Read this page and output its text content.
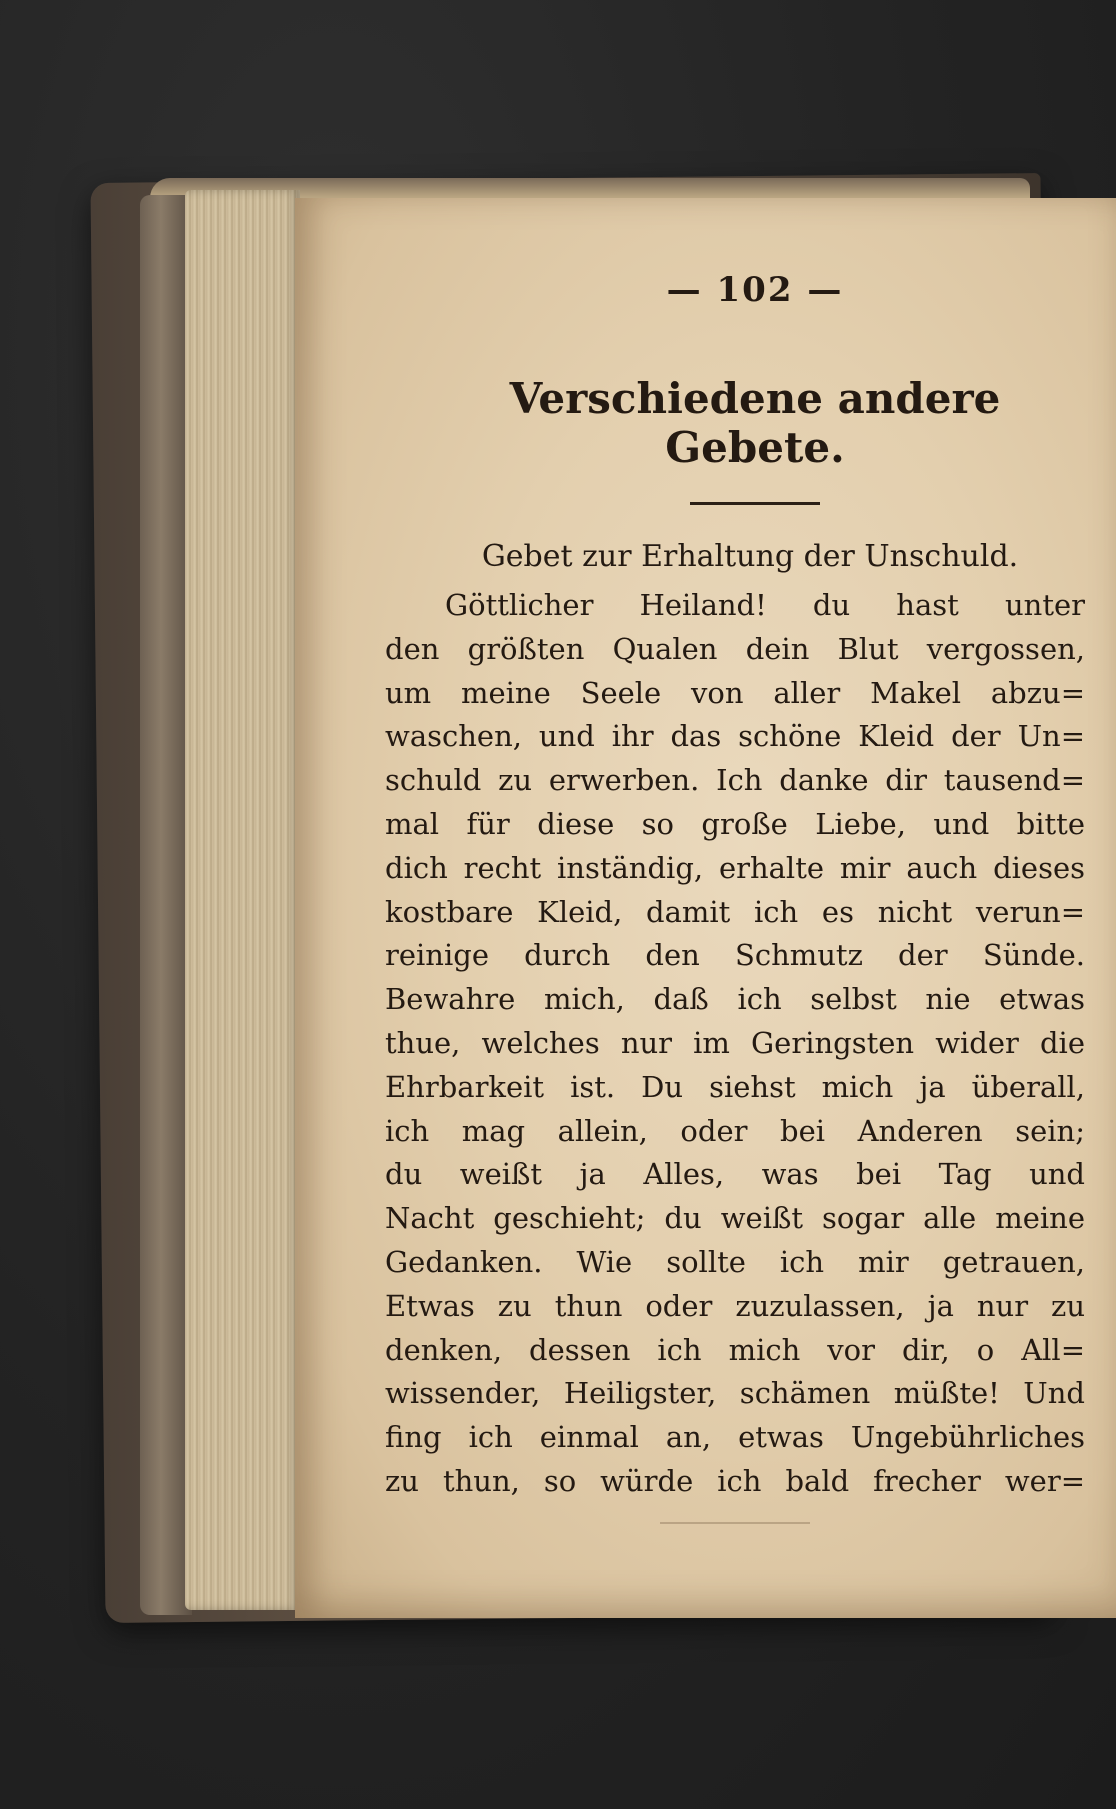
— 102 —
Verschiedene andere Gebete.
Gebet zur Erhaltung der Unschuld.
Göttlicher Heiland! du hast unter
den größten Qualen dein Blut vergossen,
um meine Seele von aller Makel abzu=
waschen, und ihr das schöne Kleid der Un=
schuld zu erwerben. Ich danke dir tausend=
mal für diese so große Liebe, und bitte
dich recht inständig, erhalte mir auch dieses
kostbare Kleid, damit ich es nicht verun=
reinige durch den Schmutz der Sünde.
Bewahre mich, daß ich selbst nie etwas
thue, welches nur im Geringsten wider die
Ehrbarkeit ist. Du siehst mich ja überall,
ich mag allein, oder bei Anderen sein;
du weißt ja Alles, was bei Tag und
Nacht geschieht; du weißt sogar alle meine
Gedanken. Wie sollte ich mir getrauen,
Etwas zu thun oder zuzulassen, ja nur zu
denken, dessen ich mich vor dir, o All=
wissender, Heiligster, schämen müßte! Und
fing ich einmal an, etwas Ungebührliches
zu thun, so würde ich bald frecher wer=
